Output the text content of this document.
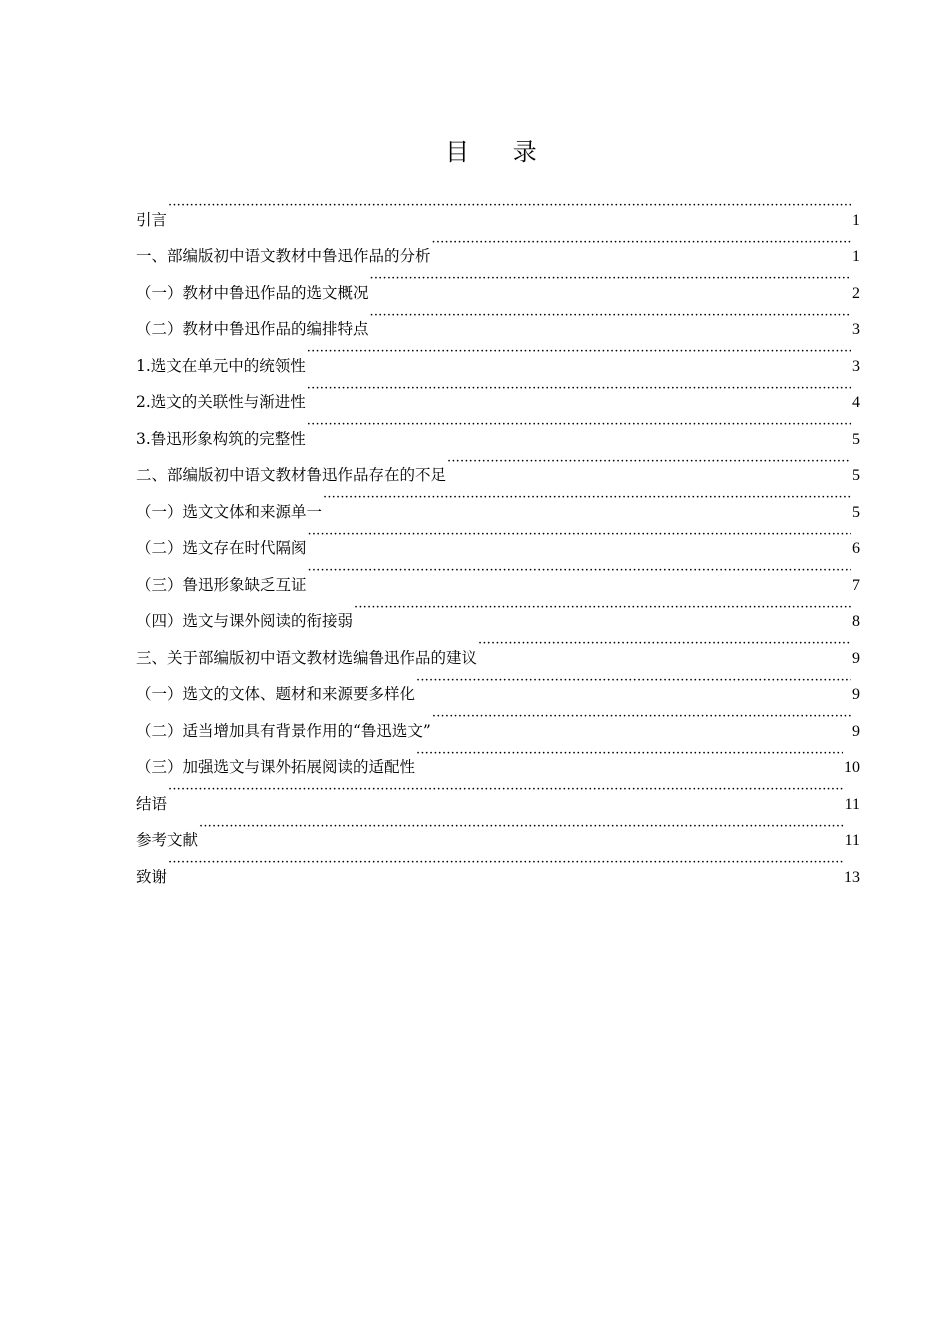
目 录
引言 ·····	1
一、部编版初中语文教材中鲁迅作品的分析 ·····	1
（一）教材中鲁迅作品的选文概况 ·····	2
（二）教材中鲁迅作品的编排特点 ·····	3
1.选文在单元中的统领性 ·····	3
2.选文的关联性与渐进性 ·····	4
3.鲁迅形象构筑的完整性 ·····	5
二、部编版初中语文教材鲁迅作品存在的不足 ·····	5
（一）选文文体和来源单一 ·····	5
（二）选文存在时代隔阂 ·····	6
（三）鲁迅形象缺乏互证 ·····	7
（四）选文与课外阅读的衔接弱 ·····	8
三、关于部编版初中语文教材选编鲁迅作品的建议 ·····	9
（一）选文的文体、题材和来源要多样化 ·····	9
（二）适当增加具有背景作用的“鲁迅选文” ·····	9
（三）加强选文与课外拓展阅读的适配性 ·····	10
结语 ·····	11
参考文献 ·····	11
致谢 ·····	13
